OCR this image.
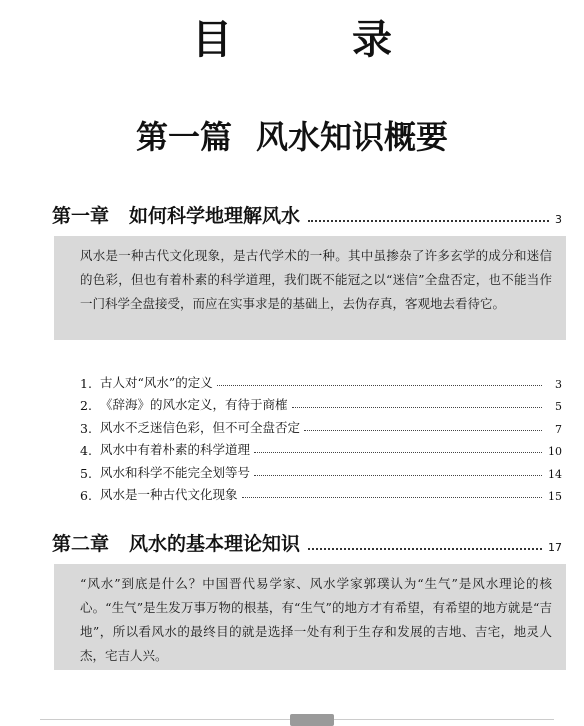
目　录
第一篇 风水知识概要
第一章 如何科学地理解风水	3
风水是一种古代文化现象，是古代学术的一种。其中虽掺杂了许多玄学的成分和迷信的色彩，但也有着朴素的科学道理，我们既不能冠之以“迷信”全盘否定，也不能当作一门科学全盘接受，而应在实事求是的基础上，去伪存真，客观地去看待它。
1. 古人对“风水”的定义	3
2. 《辞海》的风水定义，有待于商榷	5
3. 风水不乏迷信色彩，但不可全盘否定	7
4. 风水中有着朴素的科学道理	10
5. 风水和科学不能完全划等号	14
6. 风水是一种古代文化现象	15
第二章 风水的基本理论知识	17
“风水”到底是什么？中国晋代易学家、风水学家郭璞认为“生气”是风水理论的核心。“生气”是生发万事万物的根基，有“生气”的地方才有希望，有希望的地方就是“吉地”，所以看风水的最终目的就是选择一处有利于生存和发展的吉地、吉宅，地灵人杰，宅吉人兴。
